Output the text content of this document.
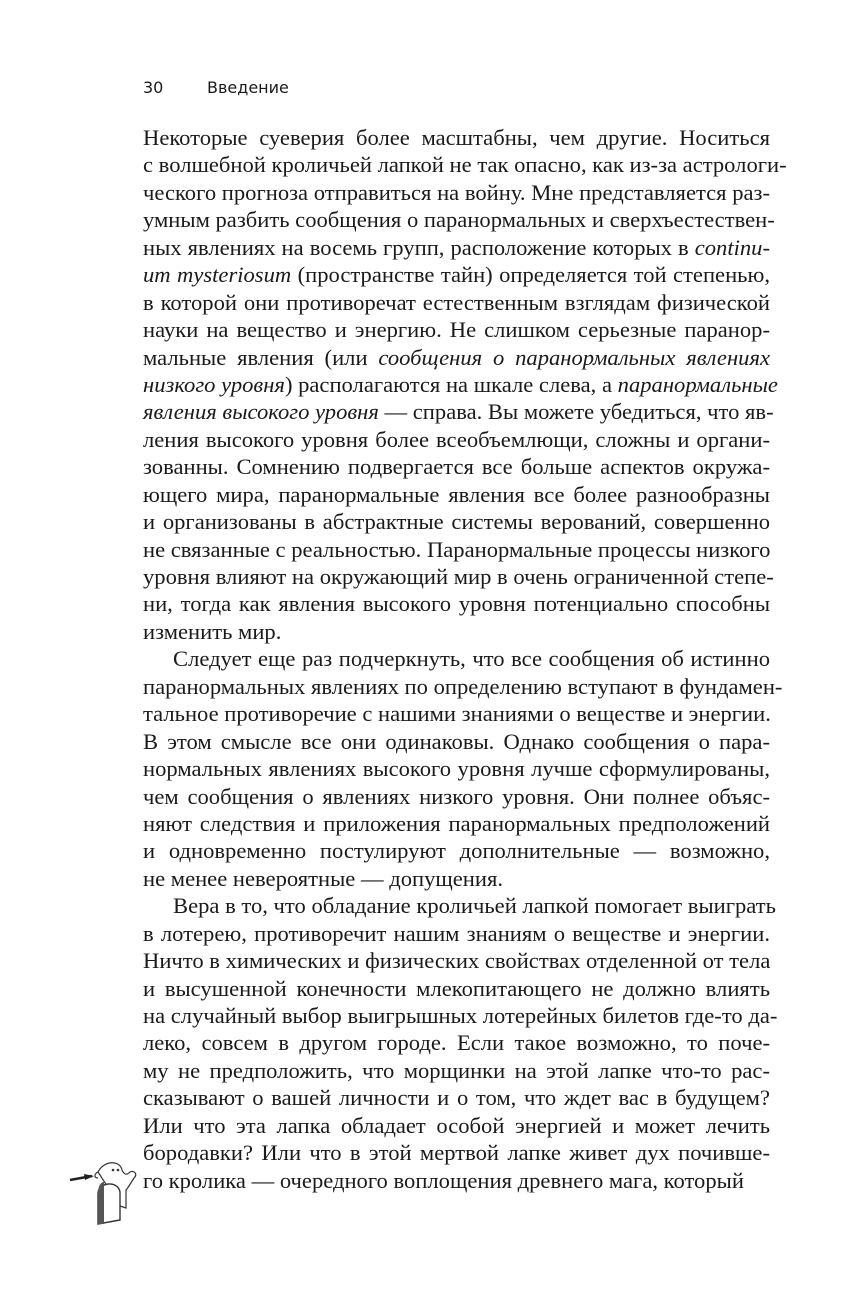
30	Введение
Некоторые суеверия более масштабны, чем другие. Носиться
с волшебной кроличьей лапкой не так опасно, как из-за астрологи-
ческого прогноза отправиться на войну. Мне представляется раз-
умным разбить сообщения о паранормальных и сверхъестествен-
ных явлениях на восемь групп, расположение которых в continu-
um mysteriosum (пространстве тайн) определяется той степенью,
в которой они противоречат естественным взглядам физической
науки на вещество и энергию. Не слишком серьезные паранор-
мальные явления (или сообщения о паранормальных явлениях
низкого уровня) располагаются на шкале слева, а паранормальные
явления высокого уровня — справа. Вы можете убедиться, что яв-
ления высокого уровня более всеобъемлющи, сложны и органи-
зованны. Сомнению подвергается все больше аспектов окружа-
ющего мира, паранормальные явления все более разнообразны
и организованы в абстрактные системы верований, совершенно
не связанные с реальностью. Паранормальные процессы низкого
уровня влияют на окружающий мир в очень ограниченной степе-
ни, тогда как явления высокого уровня потенциально способны
изменить мир.
Следует еще раз подчеркнуть, что все сообщения об истинно
паранормальных явлениях по определению вступают в фундамен-
тальное противоречие с нашими знаниями о веществе и энергии.
В этом смысле все они одинаковы. Однако сообщения о пара-
нормальных явлениях высокого уровня лучше сформулированы,
чем сообщения о явлениях низкого уровня. Они полнее объяс-
няют следствия и приложения паранормальных предположений
и одновременно постулируют дополнительные — возможно,
не менее невероятные — допущения.
Вера в то, что обладание кроличьей лапкой помогает выиграть
в лотерею, противоречит нашим знаниям о веществе и энергии.
Ничто в химических и физических свойствах отделенной от тела
и высушенной конечности млекопитающего не должно влиять
на случайный выбор выигрышных лотерейных билетов где-то да-
леко, совсем в другом городе. Если такое возможно, то поче-
му не предположить, что морщинки на этой лапке что-то рас-
сказывают о вашей личности и о том, что ждет вас в будущем?
Или что эта лапка обладает особой энергией и может лечить
бородавки? Или что в этой мертвой лапке живет дух почивше-
го кролика — очередного воплощения древнего мага, который
